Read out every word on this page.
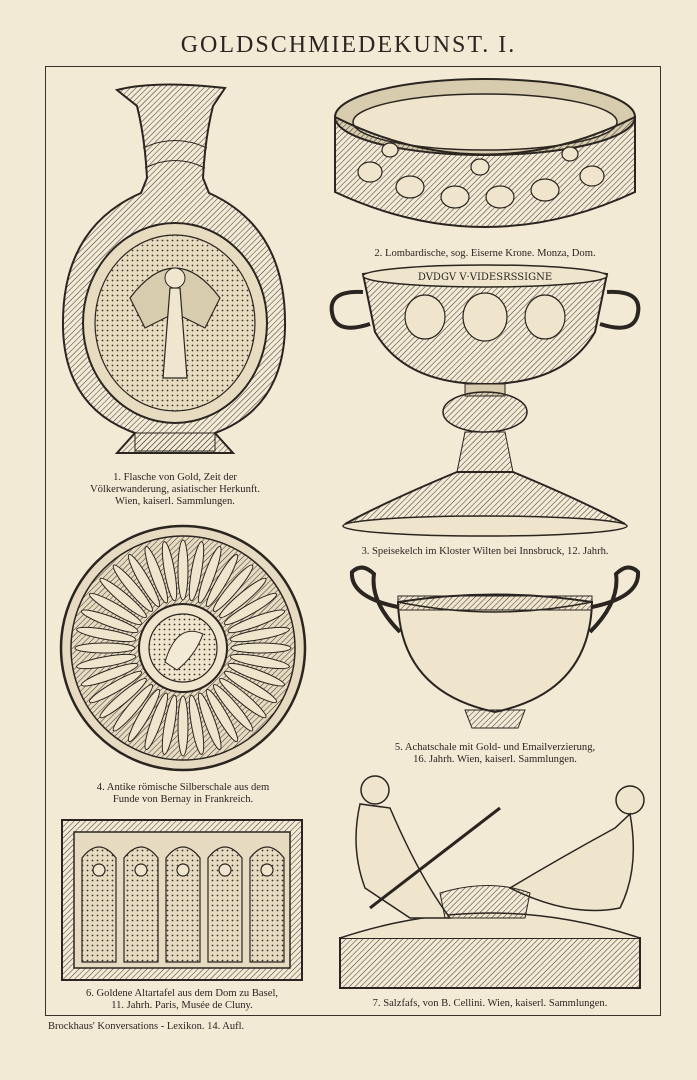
GOLDSCHMIEDEKUNST. I.
1. Flasche von Gold, Zeit der
Völkerwanderung, asiatischer Herkunft.
Wien, kaiserl. Sammlungen.
2. Lombardische, sog. Eiserne Krone. Monza, Dom.
DVDGV V·VIDESRSSIGNE
3. Speisekelch im Kloster Wilten bei Innsbruck, 12. Jahrh.
4. Antike römische Silberschale aus dem
Funde von Bernay in Frankreich.
5. Achatschale mit Gold- und Emailverzierung,
16. Jahrh. Wien, kaiserl. Sammlungen.
6. Goldene Altartafel aus dem Dom zu Basel,
11. Jahrh. Paris, Musée de Cluny.	7. Salzfafs, von B. Cellini. Wien, kaiserl. Sammlungen.
Brockhaus' Konversations - Lexikon. 14. Aufl.
